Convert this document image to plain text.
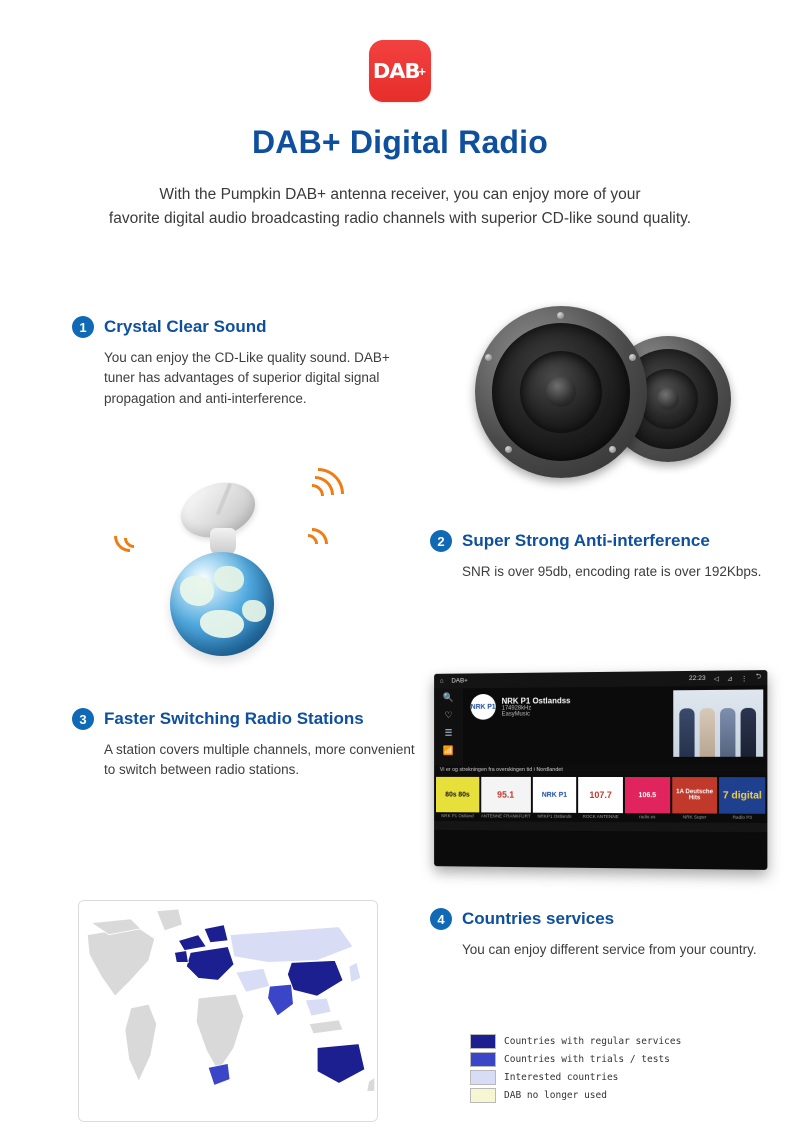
DAB
+
DAB+ Digital Radio
With the Pumpkin DAB+ antenna receiver, you can enjoy more of your
favorite digital audio broadcasting radio channels with superior CD-like sound quality.
1	Crystal Clear Sound
You can enjoy the CD-Like quality sound. DAB+ tuner has advantages of superior digital signal propagation and anti-interference.
2	Super Strong Anti-interference
SNR is over 95db, encoding rate is over 192Kbps.
3	Faster Switching Radio Stations
A station covers multiple channels, more convenient to switch between radio stations.
⌂ DAB+	22:23 ◁ ⊿ ⋮ ⮌
🔍
♡
☰
📶
NRK P1
NRK P1 Ostlandss
174928kHz
EasyMusic
Vi er og strekningen fra overskingen tid i Nordlandet
80s 80s
NRK P1 Ostland
95.1
ANTENNE FRANKFURT
NRK P1
NRKP1 Ostlands
107.7
ROCK ANTENNE
106.5
radio.es
1A Deutsche Hits
NRK Super
7 digital
Radio P3
4	Countries services
You can enjoy different service from your country.
Countries with regular services
Countries with trials / tests
Interested countries
DAB no longer used
